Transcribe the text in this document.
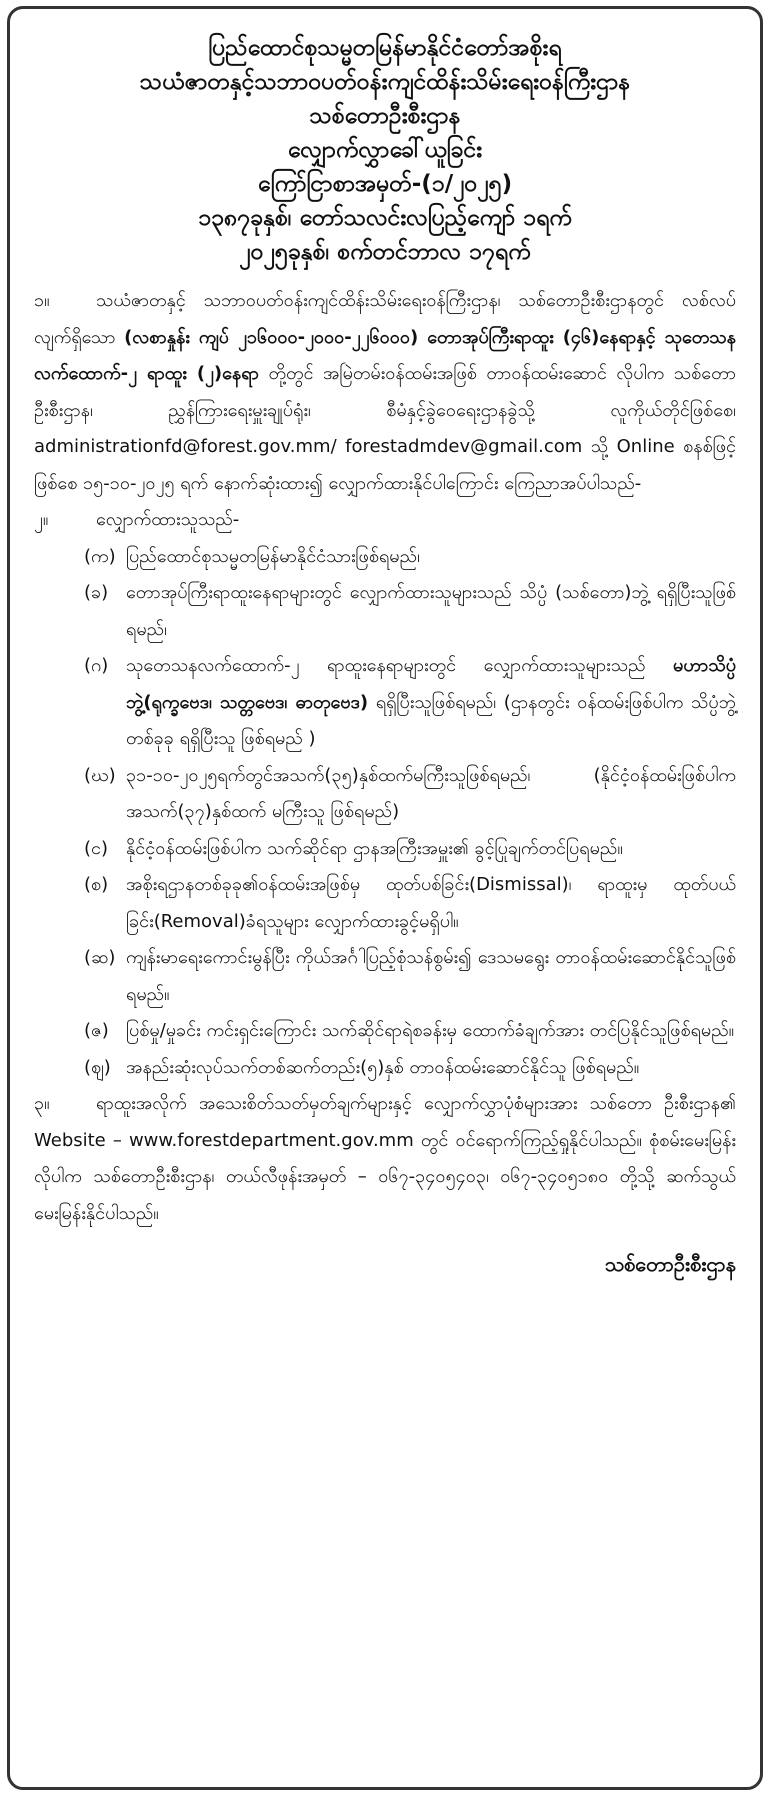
ပြည်ထောင်စုသမ္မတမြန်မာနိုင်ငံတော်အစိုးရ
သယံဇာတနှင့်သဘာဝပတ်ဝန်းကျင်ထိန်းသိမ်းရေးဝန်ကြီးဌာန
သစ်တောဦးစီးဌာန
လျှောက်လွှာခေါ်ယူခြင်း
ကြော်ငြာစာအမှတ်-(၁/၂၀၂၅)
၁၃၈၇ခုနှစ်၊ တော်သလင်းလပြည့်ကျော် ၁ရက်
၂၀၂၅ခုနှစ်၊ စက်တင်ဘာလ ၁၇ရက်

၁။	သယံဇာတနှင့် သဘာဝပတ်ဝန်းကျင်ထိန်းသိမ်းရေးဝန်ကြီးဌာန၊ သစ်တောဦးစီးဌာနတွင် လစ်လပ်လျက်ရှိသော (လစာနှုန်း ကျပ် ၂၁၆၀၀၀-၂၀၀၀-၂၂၆၀၀၀) တောအုပ်ကြီးရာထူး (၄၆)နေရာနှင့် သုတေသနလက်ထောက်-၂ ရာထူး (၂)နေရာ တို့တွင် အမြဲတမ်းဝန်ထမ်းအဖြစ် တာဝန်ထမ်းဆောင် လိုပါက သစ်တောဦးစီးဌာန၊ ညွှန်ကြားရေးမှူးချုပ်ရုံး၊ စီမံနှင့်ခွဲဝေရေးဌာနခွဲသို့ လူကိုယ်တိုင်ဖြစ်စေ၊ administrationfd@forest.gov.mm/ forestadmdev@gmail.com သို့ Online စနစ်ဖြင့်ဖြစ်စေ ၁၅-၁၀-၂၀၂၅ ရက် နောက်ဆုံးထား၍ လျှောက်ထားနိုင်ပါကြောင်း ကြေညာအပ်ပါသည်-

၂။	လျှောက်ထားသူသည်-
(က) ပြည်ထောင်စုသမ္မတမြန်မာနိုင်ငံသားဖြစ်ရမည်၊
(ခ) တောအုပ်ကြီးရာထူးနေရာများတွင် လျှောက်ထားသူများသည် သိပ္ပံ (သစ်တော)ဘွဲ့ ရရှိပြီးသူဖြစ်ရမည်၊
(ဂ) သုတေသနလက်ထောက်-၂ ရာထူးနေရာများတွင် လျှောက်ထားသူများသည် မဟာသိပ္ပံဘွဲ့(ရုက္ခဗေဒ၊ သတ္တဗေဒ၊ ဓာတုဗေဒ) ရရှိပြီးသူဖြစ်ရမည်၊ (ဌာနတွင်း ဝန်ထမ်းဖြစ်ပါက သိပ္ပံဘွဲ့တစ်ခုခု ရရှိပြီးသူ ဖြစ်ရမည် )
(ဃ) ၃၁-၁၀-၂၀၂၅ရက်တွင်အသက်(၃၅)နှစ်ထက်မကြီးသူဖြစ်ရမည်၊ (နိုင်ငံ့ဝန်ထမ်းဖြစ်ပါက အသက်(၃၇)နှစ်ထက် မကြီးသူ ဖြစ်ရမည်)
(င) နိုင်ငံ့ဝန်ထမ်းဖြစ်ပါက သက်ဆိုင်ရာ ဌာနအကြီးအမှူး၏ ခွင့်ပြုချက်တင်ပြရမည်။
(စ) အစိုးရဌာနတစ်ခုခု၏ဝန်ထမ်းအဖြစ်မှ ထုတ်ပစ်ခြင်း(Dismissal)၊ ရာထူးမှ ထုတ်ပယ်ခြင်း(Removal)ခံရသူများ လျှောက်ထားခွင့်မရှိပါ။
(ဆ) ကျန်းမာရေးကောင်းမွန်ပြီး ကိုယ်အင်္ဂါပြည့်စုံသန်စွမ်း၍ ဒေသမရွေး တာဝန်ထမ်းဆောင်နိုင်သူဖြစ်ရမည်။
(ဇ) ပြစ်မှု/မှုခင်း ကင်းရှင်းကြောင်း သက်ဆိုင်ရာရဲစခန်းမှ ထောက်ခံချက်အား တင်ပြနိုင်သူဖြစ်ရမည်။
(ဈ) အနည်းဆုံးလုပ်သက်တစ်ဆက်တည်း(၅)နှစ် တာဝန်ထမ်းဆောင်နိုင်သူ ဖြစ်ရမည်။

၃။	ရာထူးအလိုက် အသေးစိတ်သတ်မှတ်ချက်များနှင့် လျှောက်လွှာပုံစံများအား သစ်တော ဦးစီးဌာန၏ Website – www.forestdepartment.gov.mm တွင် ဝင်ရောက်ကြည့်ရှုနိုင်ပါသည်။ စုံစမ်းမေးမြန်းလိုပါက သစ်တောဦးစီးဌာန၊ တယ်လီဖုန်းအမှတ် – ၀၆၇-၃၄၀၅၄၀၃၊ ၀၆၇-၃၄၀၅၁၈၀ တို့သို့ ဆက်သွယ် မေးမြန်းနိုင်ပါသည်။

သစ်တောဦးစီးဌာန
